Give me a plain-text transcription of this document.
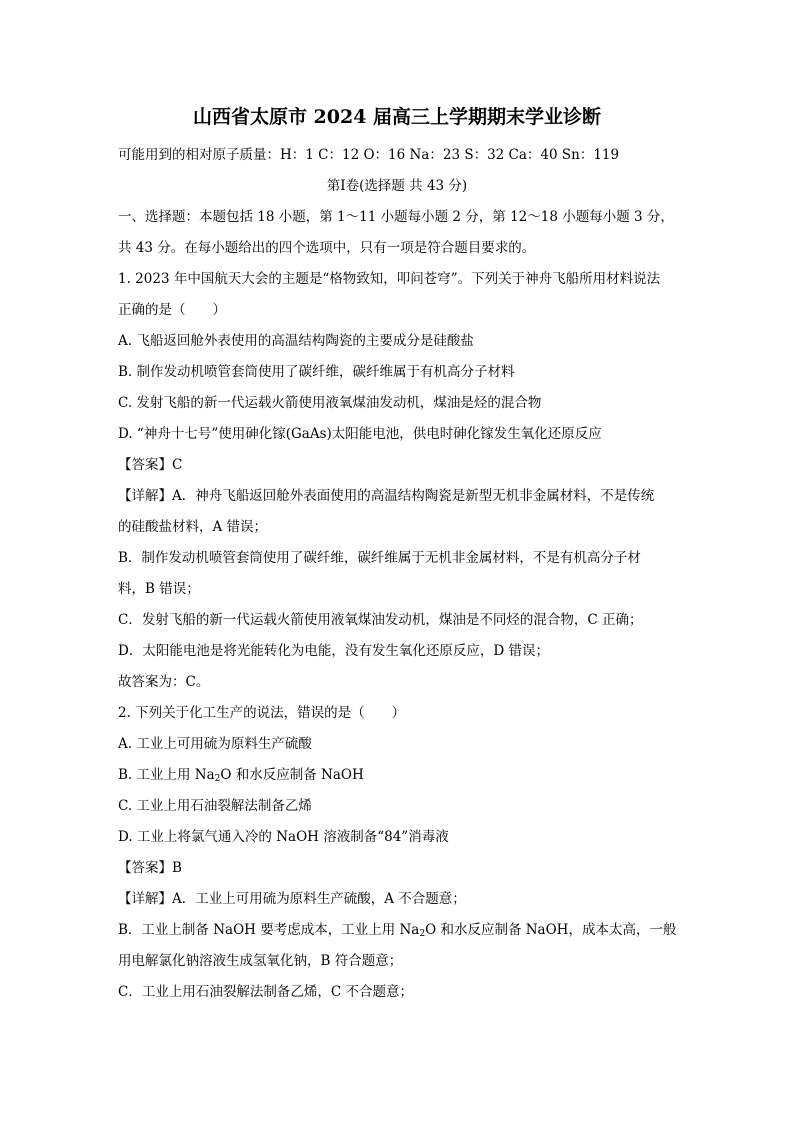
山西省太原市 2024 届高三上学期期末学业诊断
可能用到的相对原子质量：H：1 C：12 O：16 Na：23 S：32 Ca：40 Sn：119
第Ⅰ卷(选择题 共 43 分)
一、选择题：本题包括 18 小题，第 1～11 小题每小题 2 分，第 12～18 小题每小题 3 分，
共 43 分。在每小题给出的四个选项中，只有一项是符合题目要求的。
1. 2023 年中国航天大会的主题是“格物致知，叩问苍穹”。下列关于神舟飞船所用材料说法
正确的是（　　）
A. 飞船返回舱外表使用的高温结构陶瓷的主要成分是硅酸盐
B. 制作发动机喷管套筒使用了碳纤维，碳纤维属于有机高分子材料
C. 发射飞船的新一代运载火箭使用液氧煤油发动机，煤油是烃的混合物
D. “神舟十七号”使用砷化镓(GaAs)太阳能电池，供电时砷化镓发生氧化还原反应
【答案】C
【详解】A．神舟飞船返回舱外表面使用的高温结构陶瓷是新型无机非金属材料，不是传统
的硅酸盐材料，A 错误；
B．制作发动机喷管套筒使用了碳纤维，碳纤维属于无机非金属材料，不是有机高分子材
料，B 错误；
C．发射飞船的新一代运载火箭使用液氧煤油发动机，煤油是不同烃的混合物，C 正确；
D．太阳能电池是将光能转化为电能，没有发生氧化还原反应，D 错误；
故答案为：C。
2. 下列关于化工生产的说法，错误的是（　　）
A. 工业上可用硫为原料生产硫酸
B. 工业上用 $Na_2O$ 和水反应制备 NaOH
C. 工业上用石油裂解法制备乙烯
D. 工业上将氯气通入冷的 NaOH 溶液制备“84”消毒液
【答案】B
【详解】A．工业上可用硫为原料生产硫酸，A 不合题意；
B．工业上制备 NaOH 要考虑成本，工业上用 $Na_2O$ 和水反应制备 NaOH，成本太高，一般
用电解氯化钠溶液生成氢氧化钠，B 符合题意；
C．工业上用石油裂解法制备乙烯，C 不合题意；
